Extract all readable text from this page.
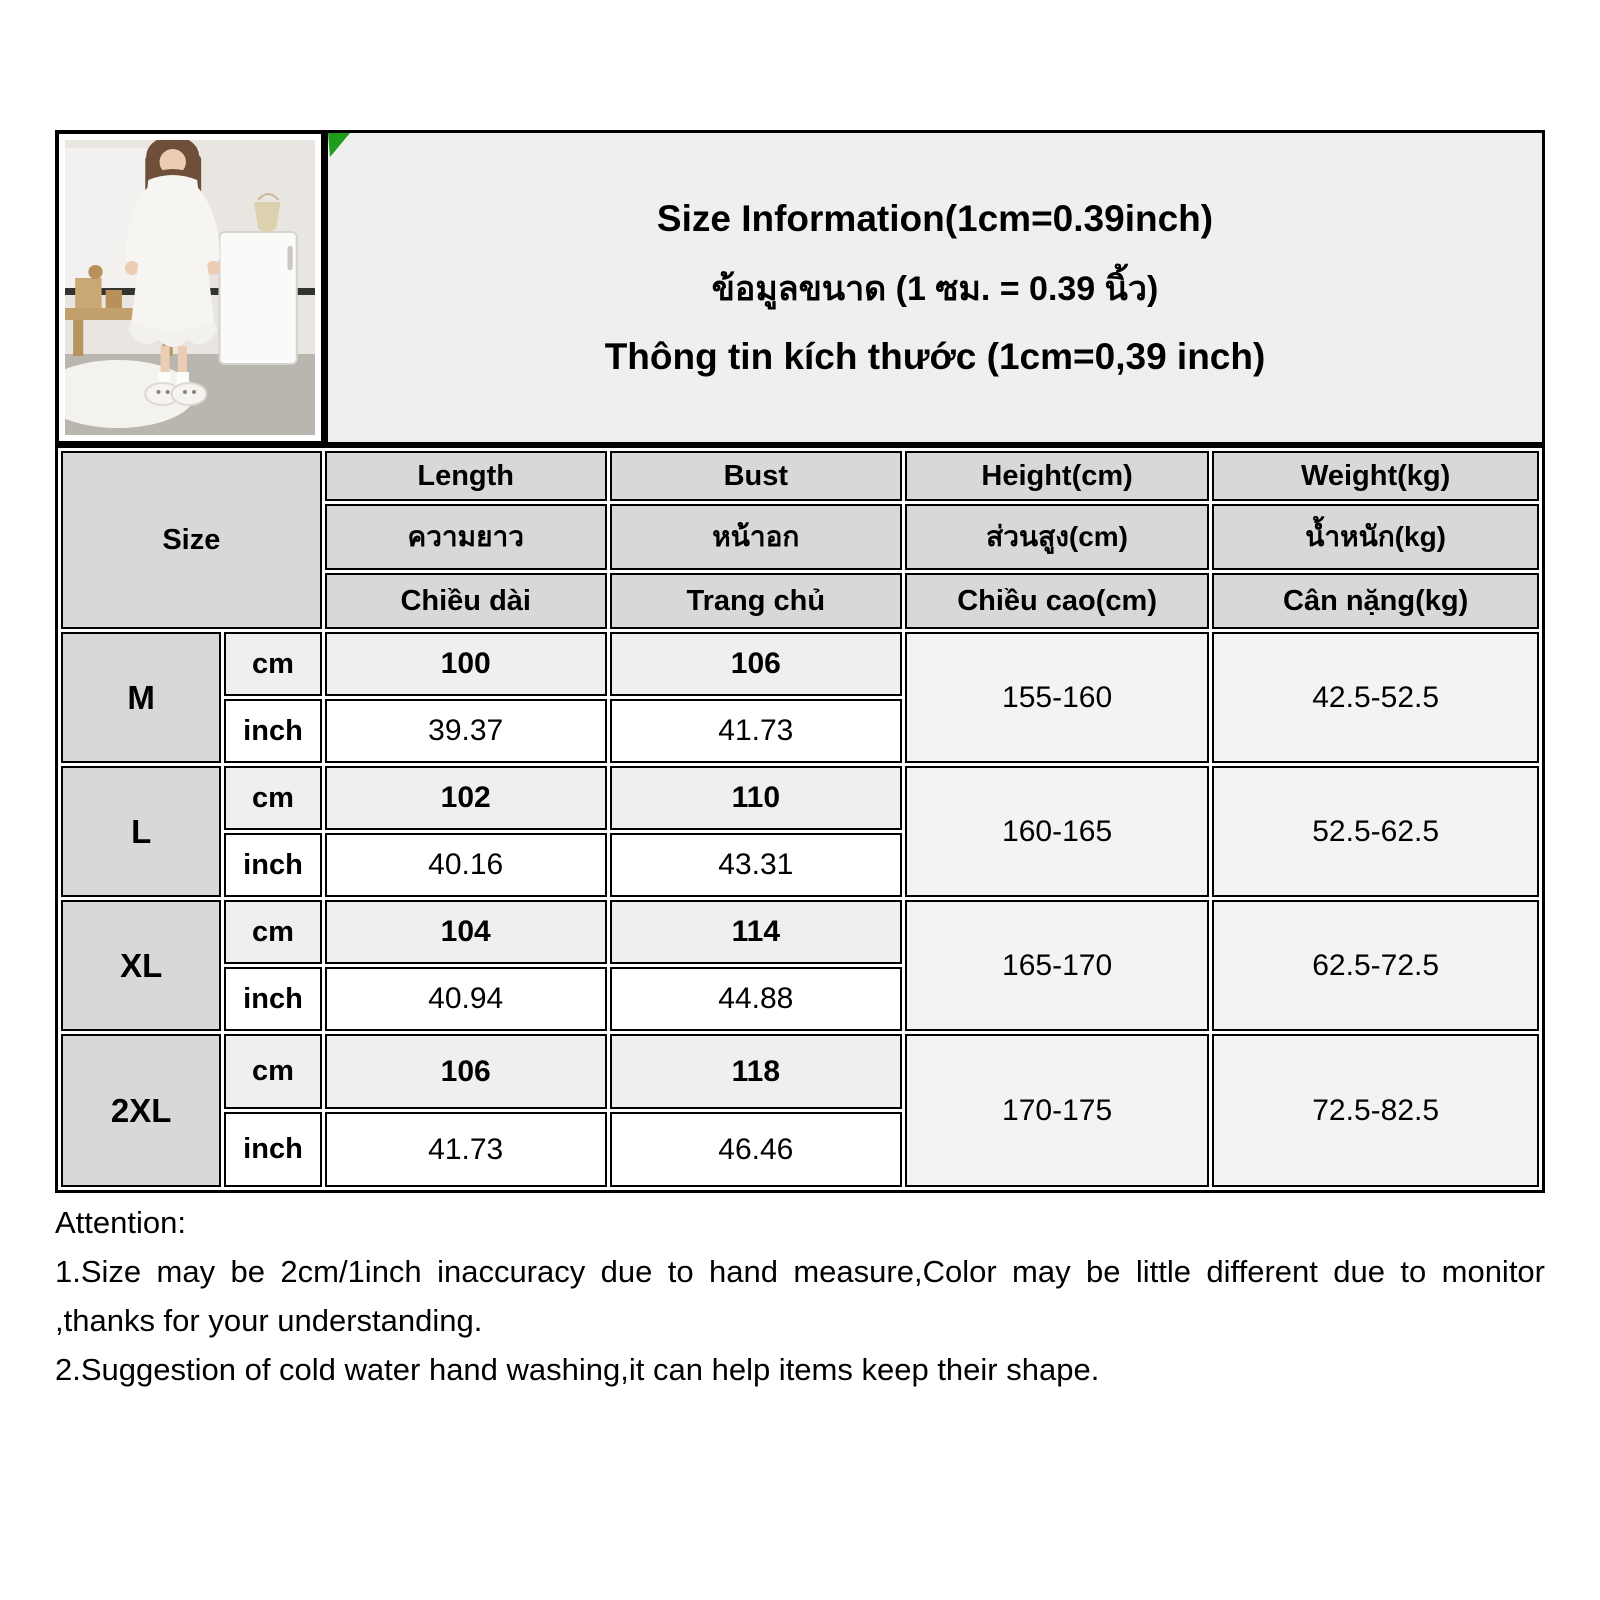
Size Information(1cm=0.39inch)
ข้อมูลขนาด (1 ซม. = 0.39 นิ้ว)
Thông tin kích thước (1cm=0,39 inch)
Size		Length	Bust	Height(cm)	Weight(kg)
		ความยาว	หน้าอก	ส่วนสูง(cm)	น้ำหนัก(kg)
		Chiều dài	Trang chủ	Chiều cao(cm)	Cân nặng(kg)
M	cm	100	106	155-160	42.5-52.5
	inch	39.37	41.73		
L	cm	102	110	160-165	52.5-62.5
	inch	40.16	43.31		
XL	cm	104	114	165-170	62.5-72.5
	inch	40.94	44.88		
2XL	cm	106	118	170-175	72.5-82.5
	inch	41.73	46.46		

Attention:

1.Size may be 2cm/1inch inaccuracy due to hand measure,Color may be little different due to monitor ,thanks for your understanding.

2.Suggestion of cold water hand washing,it can help items keep their shape.
